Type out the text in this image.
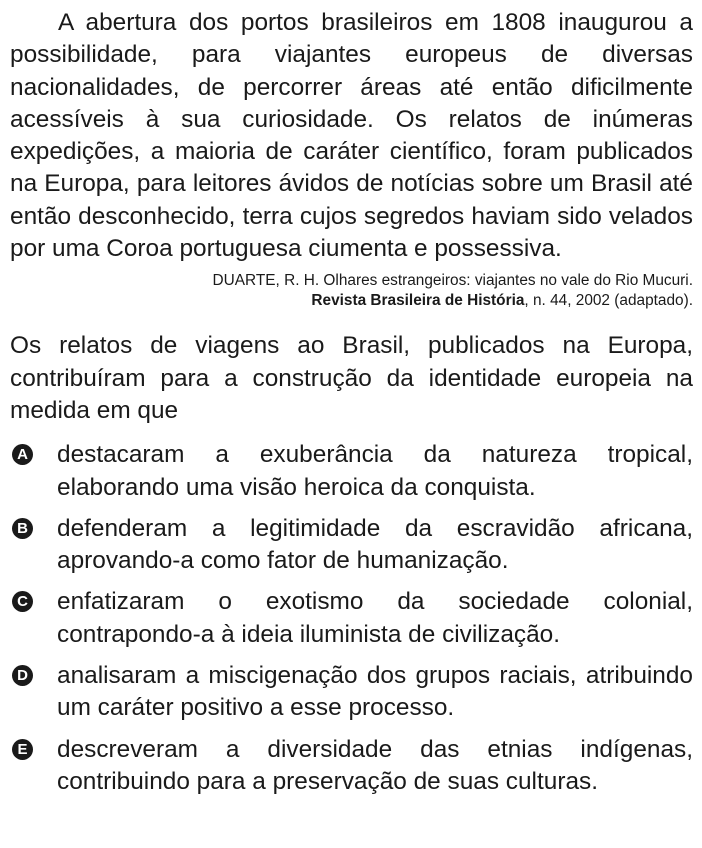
A abertura dos portos brasileiros em 1808 inaugurou a possibilidade, para viajantes europeus de diversas nacionalidades, de percorrer áreas até então dificilmente acessíveis à sua curiosidade. Os relatos de inúmeras expedições, a maioria de caráter científico, foram publicados na Europa, para leitores ávidos de notícias sobre um Brasil até então desconhecido, terra cujos segredos haviam sido velados por uma Coroa portuguesa ciumenta e possessiva.

DUARTE, R. H. Olhares estrangeiros: viajantes no vale do Rio Mucuri.
Revista Brasileira de História, n. 44, 2002 (adaptado).

Os relatos de viagens ao Brasil, publicados na Europa, contribuíram para a construção da identidade europeia na medida em que

A destacaram a exuberância da natureza tropical, elaborando uma visão heroica da conquista.
B defenderam a legitimidade da escravidão africana, aprovando-a como fator de humanização.
C enfatizaram o exotismo da sociedade colonial, contrapondo-a à ideia iluminista de civilização.
D analisaram a miscigenação dos grupos raciais, atribuindo um caráter positivo a esse processo.
E descreveram a diversidade das etnias indígenas, contribuindo para a preservação de suas culturas.
